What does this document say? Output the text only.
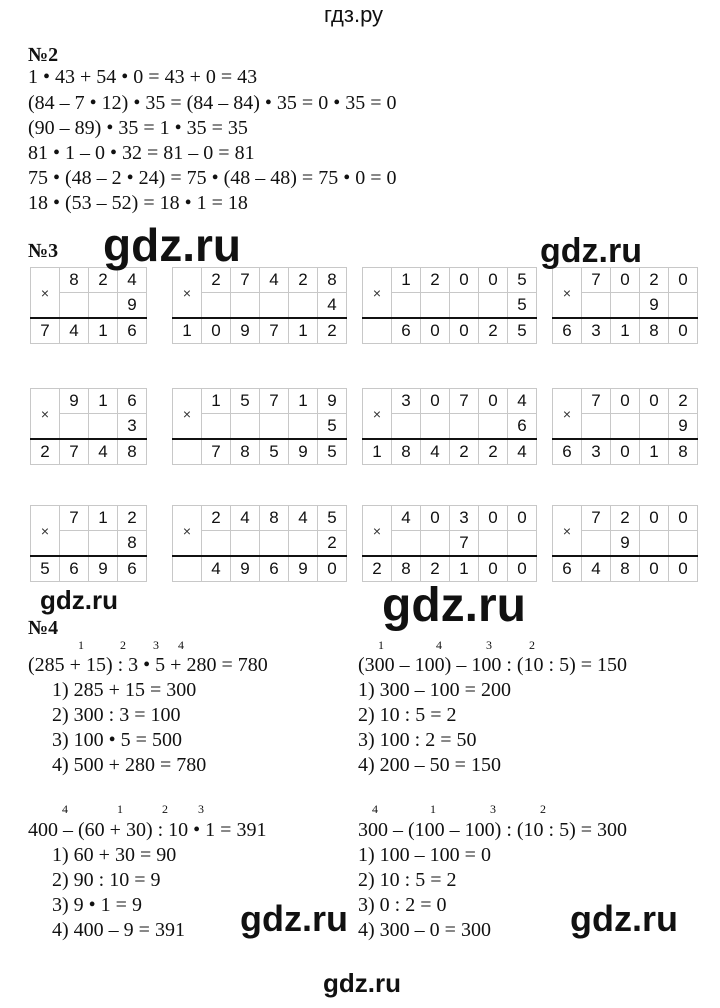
гдз.ру
№2
1 • 43 + 54 • 0 = 43 + 0 = 43
(84 – 7 • 12) • 35 = (84 – 84) • 35 = 0 • 35 = 0
(90 – 89) • 35 = 1 • 35 = 35
81 • 1 – 0 • 32 = 81 – 0 = 81
75 • (48 – 2 • 24) = 75 • (48 – 48) = 75 • 0 = 0
18 • (53 – 52) = 18 • 1 = 18
№3
×	8	2	4
			9
7	4	1	6
×	2	7	4	2	8
					4
1	0	9	7	1	2
×	1	2	0	0	5
					5
	6	0	0	2	5
×	7	0	2	0
			9	
6	3	1	8	0
×	9	1	6
			3
2	7	4	8
×	1	5	7	1	9
					5
	7	8	5	9	5
×	3	0	7	0	4
					6
1	8	4	2	2	4
×	7	0	0	2
				9
6	3	0	1	8
×	7	1	2
			8
5	6	9	6
×	2	4	8	4	5
					2
	4	9	6	9	0
×	4	0	3	0	0
			7		
2	8	2	1	0	0
×	7	2	0	0
		9		
6	4	8	0	0
№4
1	2 3 4
(285 + 15) : 3 • 5 + 280 = 780
1) 285 + 15 = 300
2) 300 : 3 = 100
3) 100 • 5 = 500
4) 500 + 280 = 780
1	4	3	2
(300 – 100) – 100 : (10 : 5) = 150
1) 300 – 100 = 200
2) 10 : 5 = 2
3) 100 : 2 = 50
4) 200 – 50 = 150
4	1	2	3
400 – (60 + 30) : 10 • 1 = 391
1) 60 + 30 = 90
2) 90 : 10 = 9
3) 9 • 1 = 9
4) 400 – 9 = 391
4	1	3	2
300 – (100 – 100) : (10 : 5) = 300
1) 100 – 100 = 0
2) 10 : 5 = 2
3) 0 : 2 = 0
4) 300 – 0 = 300
gdz.ru	gdz.ru
gdz.ru	gdz.ru
gdz.ru	gdz.ru
gdz.ru
